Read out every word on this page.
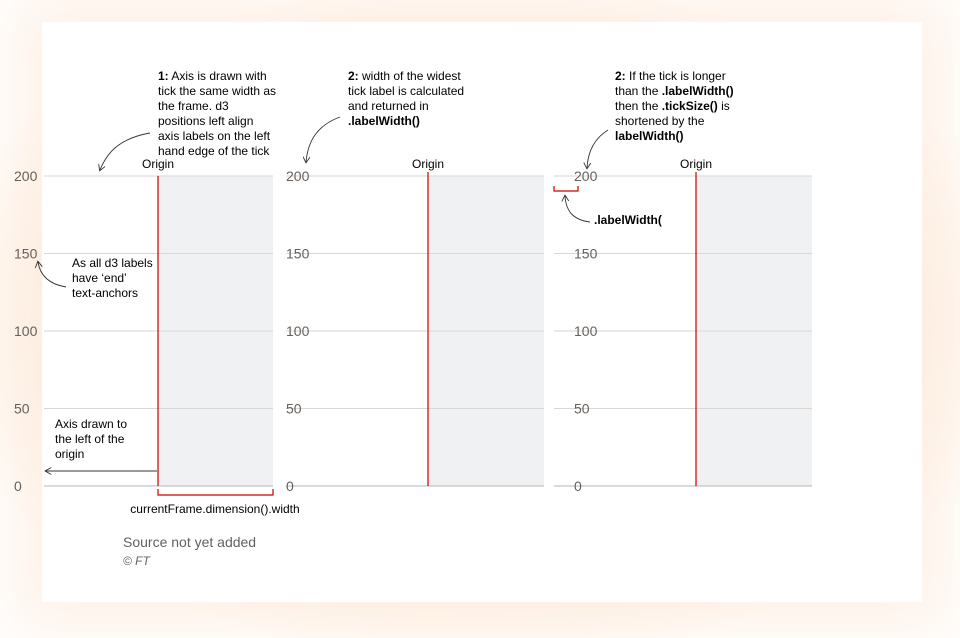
200
150
100
50
0
Origin
200
150
100
50
0
Origin
200
150
100
50
0
Origin
1: Axis is drawn with
tick the same width as
the frame. d3
positions left align
axis labels on the left
hand edge of the tick
2: width of the widest
tick label is calculated
and returned in
.labelWidth()
2: If the tick is longer
than the .labelWidth()
then the .tickSize() is
shortened by the
labelWidth()
As all d3 labels
have ‘end’
text-anchors
Axis drawn to
the left of the
origin
currentFrame.dimension().width
.labelWidth(
Source not yet added
© FT
